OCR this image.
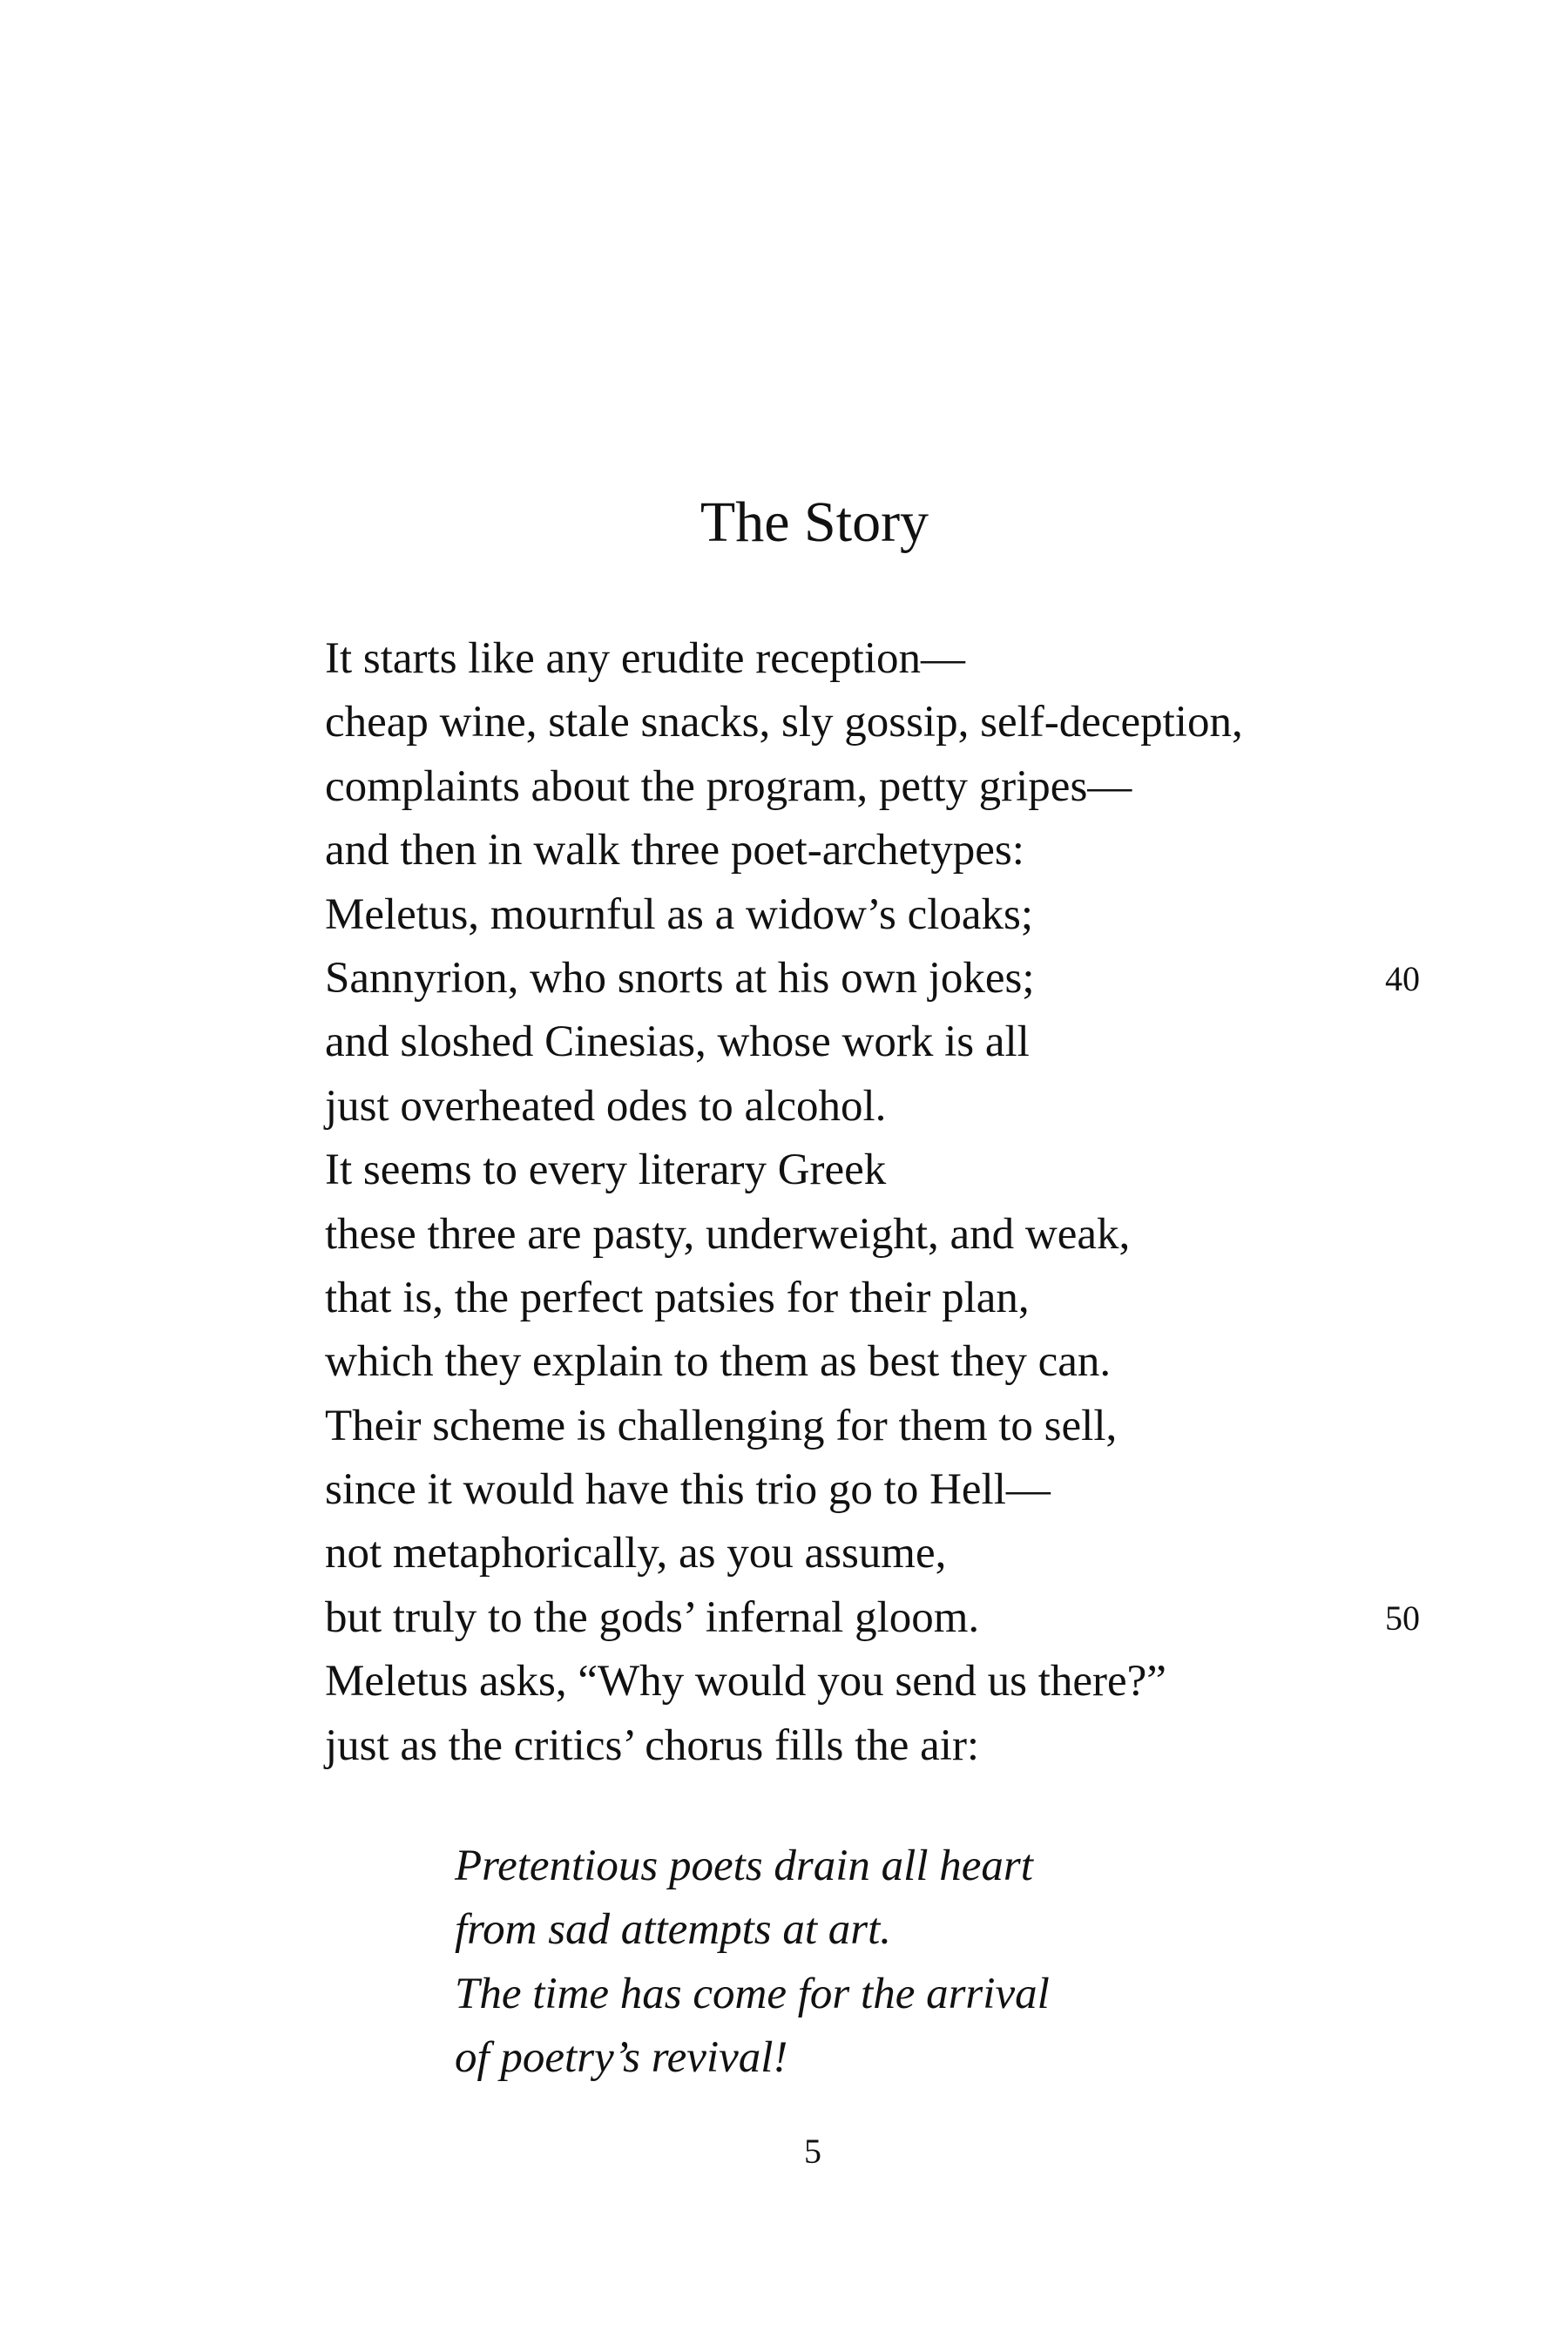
The Story
It starts like any erudite reception—
cheap wine, stale snacks, sly gossip, self-deception,
complaints about the program, petty gripes—
and then in walk three poet-archetypes:
Meletus, mournful as a widow’s cloaks;
Sannyrion, who snorts at his own jokes;	40
and sloshed Cinesias, whose work is all
just overheated odes to alcohol.
It seems to every literary Greek
these three are pasty, underweight, and weak,
that is, the perfect patsies for their plan,
which they explain to them as best they can.
Their scheme is challenging for them to sell,
since it would have this trio go to Hell—
not metaphorically, as you assume,
but truly to the gods’ infernal gloom.	50
Meletus asks, “Why would you send us there?”
just as the critics’ chorus fills the air:
Pretentious poets drain all heart
from sad attempts at art.
The time has come for the arrival
of poetry’s revival!
5
